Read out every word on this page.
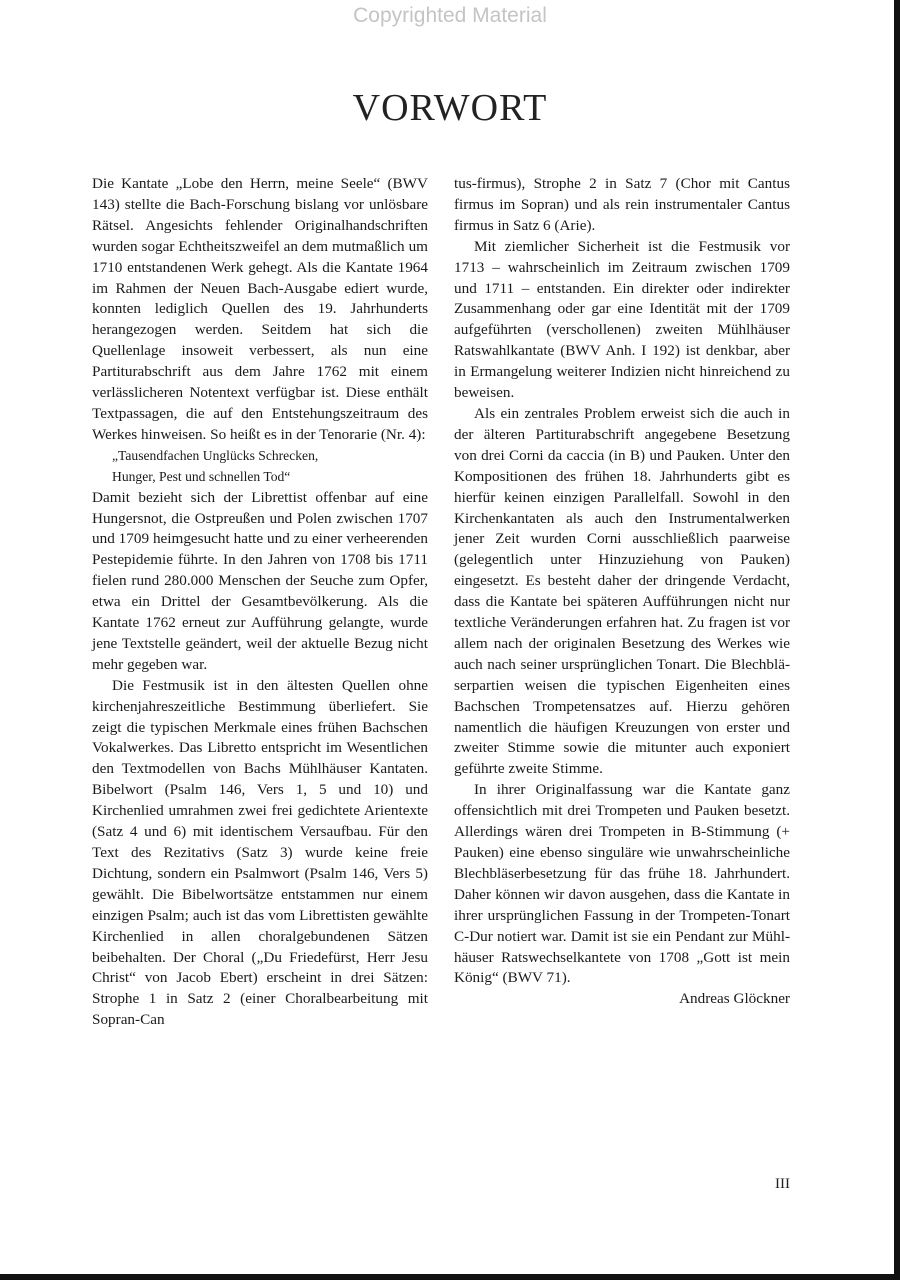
Copyrighted Material
VORWORT

Die Kantate „Lobe den Herrn, meine Seele“ (BWV 143) stellte die Bach-Forschung bislang vor unlösbare Rätsel. Angesichts fehlender Originalhandschriften wurden sogar Echtheitszweifel an dem mutmaßlich um 1710 entstandenen Werk gehegt. Als die Kantate 1964 im Rahmen der Neuen Bach-Ausgabe ediert wurde, konnten lediglich Quellen des 19. Jahrhunderts herangezogen werden. Seitdem hat sich die Quellenlage insoweit verbessert, als nun eine Partiturabschrift aus dem Jahre 1762 mit einem verlässlicheren Notentext verfügbar ist. Diese enthält Textpassagen, die auf den Entstehungszeitraum des Werkes hinweisen. So heißt es in der Tenorarie (Nr. 4):

„Tausendfachen Unglücks Schrecken,
Hunger, Pest und schnellen Tod“

Damit bezieht sich der Librettist offenbar auf eine Hungersnot, die Ostpreußen und Polen zwischen 1707 und 1709 heimgesucht hatte und zu einer verheerenden Pestepidemie führte. In den Jahren von 1708 bis 1711 fielen rund 280.000 Menschen der Seuche zum Opfer, etwa ein Drittel der Gesamtbevölkerung. Als die Kantate 1762 erneut zur Aufführung gelangte, wurde jene Textstelle geändert, weil der aktuelle Bezug nicht mehr gegeben war.

Die Festmusik ist in den ältesten Quellen ohne kirchenjahreszeitliche Bestimmung überliefert. Sie zeigt die typischen Merkmale eines frühen Bachschen Vokalwerkes. Das Libretto entspricht im Wesentlichen den Textmodellen von Bachs Mühlhäuser Kantaten. Bibelwort (Psalm 146, Vers 1, 5 und 10) und Kirchenlied umrahmen zwei frei gedichtete Arientexte (Satz 4 und 6) mit identischem Versaufbau. Für den Text des Rezitativs (Satz 3) wurde keine freie Dichtung, sondern ein Psalmwort (Psalm 146, Vers 5) gewählt. Die Bibelwortsätze entstammen nur einem einzigen Psalm; auch ist das vom Librettisten gewählte Kirchenlied in allen choralgebundenen Sätzen beibehalten. Der Choral („Du Friedefürst, Herr Jesu Christ“ von Jacob Ebert) erscheint in drei Sätzen: Strophe 1 in Satz 2 (einer Choralbearbeitung mit Sopran-Can

tus-firmus), Strophe 2 in Satz 7 (Chor mit Cantus firmus im Sopran) und als rein instrumentaler Cantus firmus in Satz 6 (Arie).

Mit ziemlicher Sicherheit ist die Festmusik vor 1713 – wahrscheinlich im Zeitraum zwischen 1709 und 1711 – entstanden. Ein direkter oder indirekter Zusammenhang oder gar eine Identität mit der 1709 aufgeführten (verschollenen) zweiten Mühlhäuser Ratswahlkantate (BWV Anh. I 192) ist denkbar, aber in Ermangelung weiterer Indizien nicht hinreichend zu beweisen.

Als ein zentrales Problem erweist sich die auch in der älteren Partiturabschrift angegebene Besetzung von drei Corni da caccia (in B) und Pauken. Unter den Kompositionen des frühen 18. Jahrhunderts gibt es hierfür keinen einzigen Parallelfall. Sowohl in den Kirchenkantaten als auch den Instrumentalwerken jener Zeit wurden Corni ausschließlich paarweise (gelegentlich unter Hinzuziehung von Pauken) eingesetzt. Es besteht daher der dringende Verdacht, dass die Kantate bei späteren Aufführungen nicht nur textliche Veränderungen erfahren hat. Zu fragen ist vor allem nach der originalen Besetzung des Werkes wie auch nach seiner ursprünglichen Tonart. Die Blechbläserpartien weisen die typischen Eigenheiten eines Bachschen Trompetensatzes auf. Hierzu gehören namentlich die häufigen Kreuzungen von erster und zweiter Stimme sowie die mitunter auch exponiert geführte zweite Stimme.

In ihrer Originalfassung war die Kantate ganz offensichtlich mit drei Trompeten und Pauken besetzt. Allerdings wären drei Trompeten in B-Stimmung (+ Pauken) eine ebenso singuläre wie unwahrscheinliche Blechbläserbesetzung für das frühe 18. Jahrhundert. Daher können wir davon ausgehen, dass die Kantate in ihrer ursprünglichen Fassung in der Trompeten-Tonart C-Dur notiert war. Damit ist sie ein Pendant zur Mühlhäuser Ratswechselkantete von 1708 „Gott ist mein König“ (BWV 71).

Andreas Glöckner

III
